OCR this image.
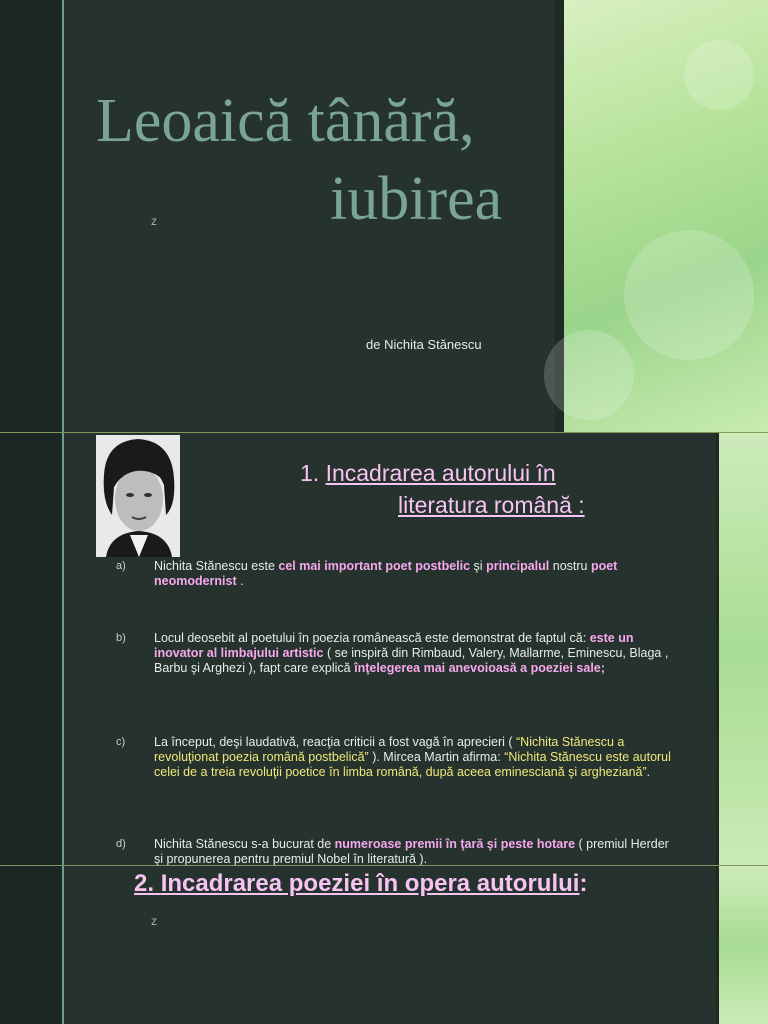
Leoaică tânără,
iubirea
z
de Nichita Stănescu
1. Incadrarea autorului în
literatura română :
a) Nichita Stănescu este cel mai important poet postbelic şi principalul nostru poet neomodernist .
b) Locul deosebit al poetului în poezia românească este demonstrat de faptul că: este un inovator al limbajului artistic ( se inspiră din Rimbaud, Valery, Mallarme, Eminescu, Blaga , Barbu şi Arghezi ), fapt care explică înţelegerea mai anevoioasă a poeziei sale;
c) La început, deşi laudativă, reacţia criticii a fost vagă în aprecieri ( “Nichita Stănescu a revoluţionat poezia română postbelică” ). Mircea Martin afirma: “Nichita Stănescu este autorul celei de a treia revoluţii poetice în limba română, după aceea eminesciană şi argheziană”.
d) Nichita Stănescu s-a bucurat de numeroase premii în ţară şi peste hotare ( premiul Herder şi propunerea pentru premiul Nobel în literatură ).
2. Incadrarea poeziei în opera autorului:
z
